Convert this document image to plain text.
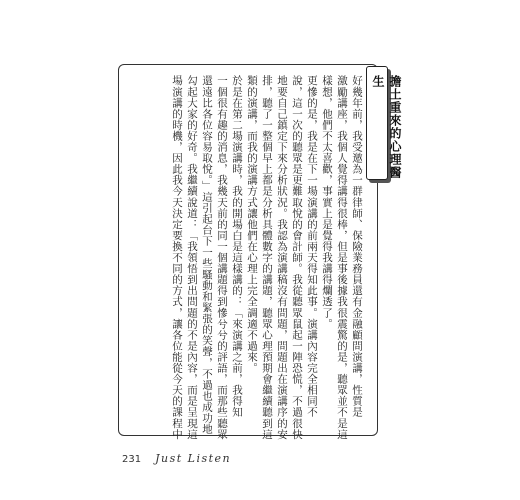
好幾年前，我受邀為一群律師、保險業務員還有金融顧問演講，性質是
激勵講座，我個人覺得講得很棒，但是事後據我很震驚的是，聽眾並不是這
樣想，他們不太喜歡，事實上是覺得我講得爛透了。
更慘的是，我是在下一場演講的前兩天得知此事。演講內容完全相同不
說，這一次的聽眾是更難取悅的會計師。我從聽眾鼠起一陣恐慌，不過很快
地要自己鎮定下來分析狀況。我認為演講稿沒有問題，問題出在演講序的安
排，聽了一整個早上都是分析具體數字的講題，聽眾心理預期會繼續聽到這
類的演講，而我的演講方式讓他們在心理上完全調適不過來。
於是在第二場演講時，我的開場白是這樣講的：「來演講之前，我得知
一個很有趣的消息，我幾天前的同一個講題得到慘兮兮的評語，而那些聽眾
還遠比各位容易取悅。」這引起台下一些騷動和緊張的笑聲，不過也成功地
勾起大家的好奇。我繼續說道：「我領悟到出問題的不是內容，而是呈現這
場演講的時機，因此我今天決定要換不同的方式，讓各位能從今天的課程中	擔土重來的心理醫生
231 Just Listen
